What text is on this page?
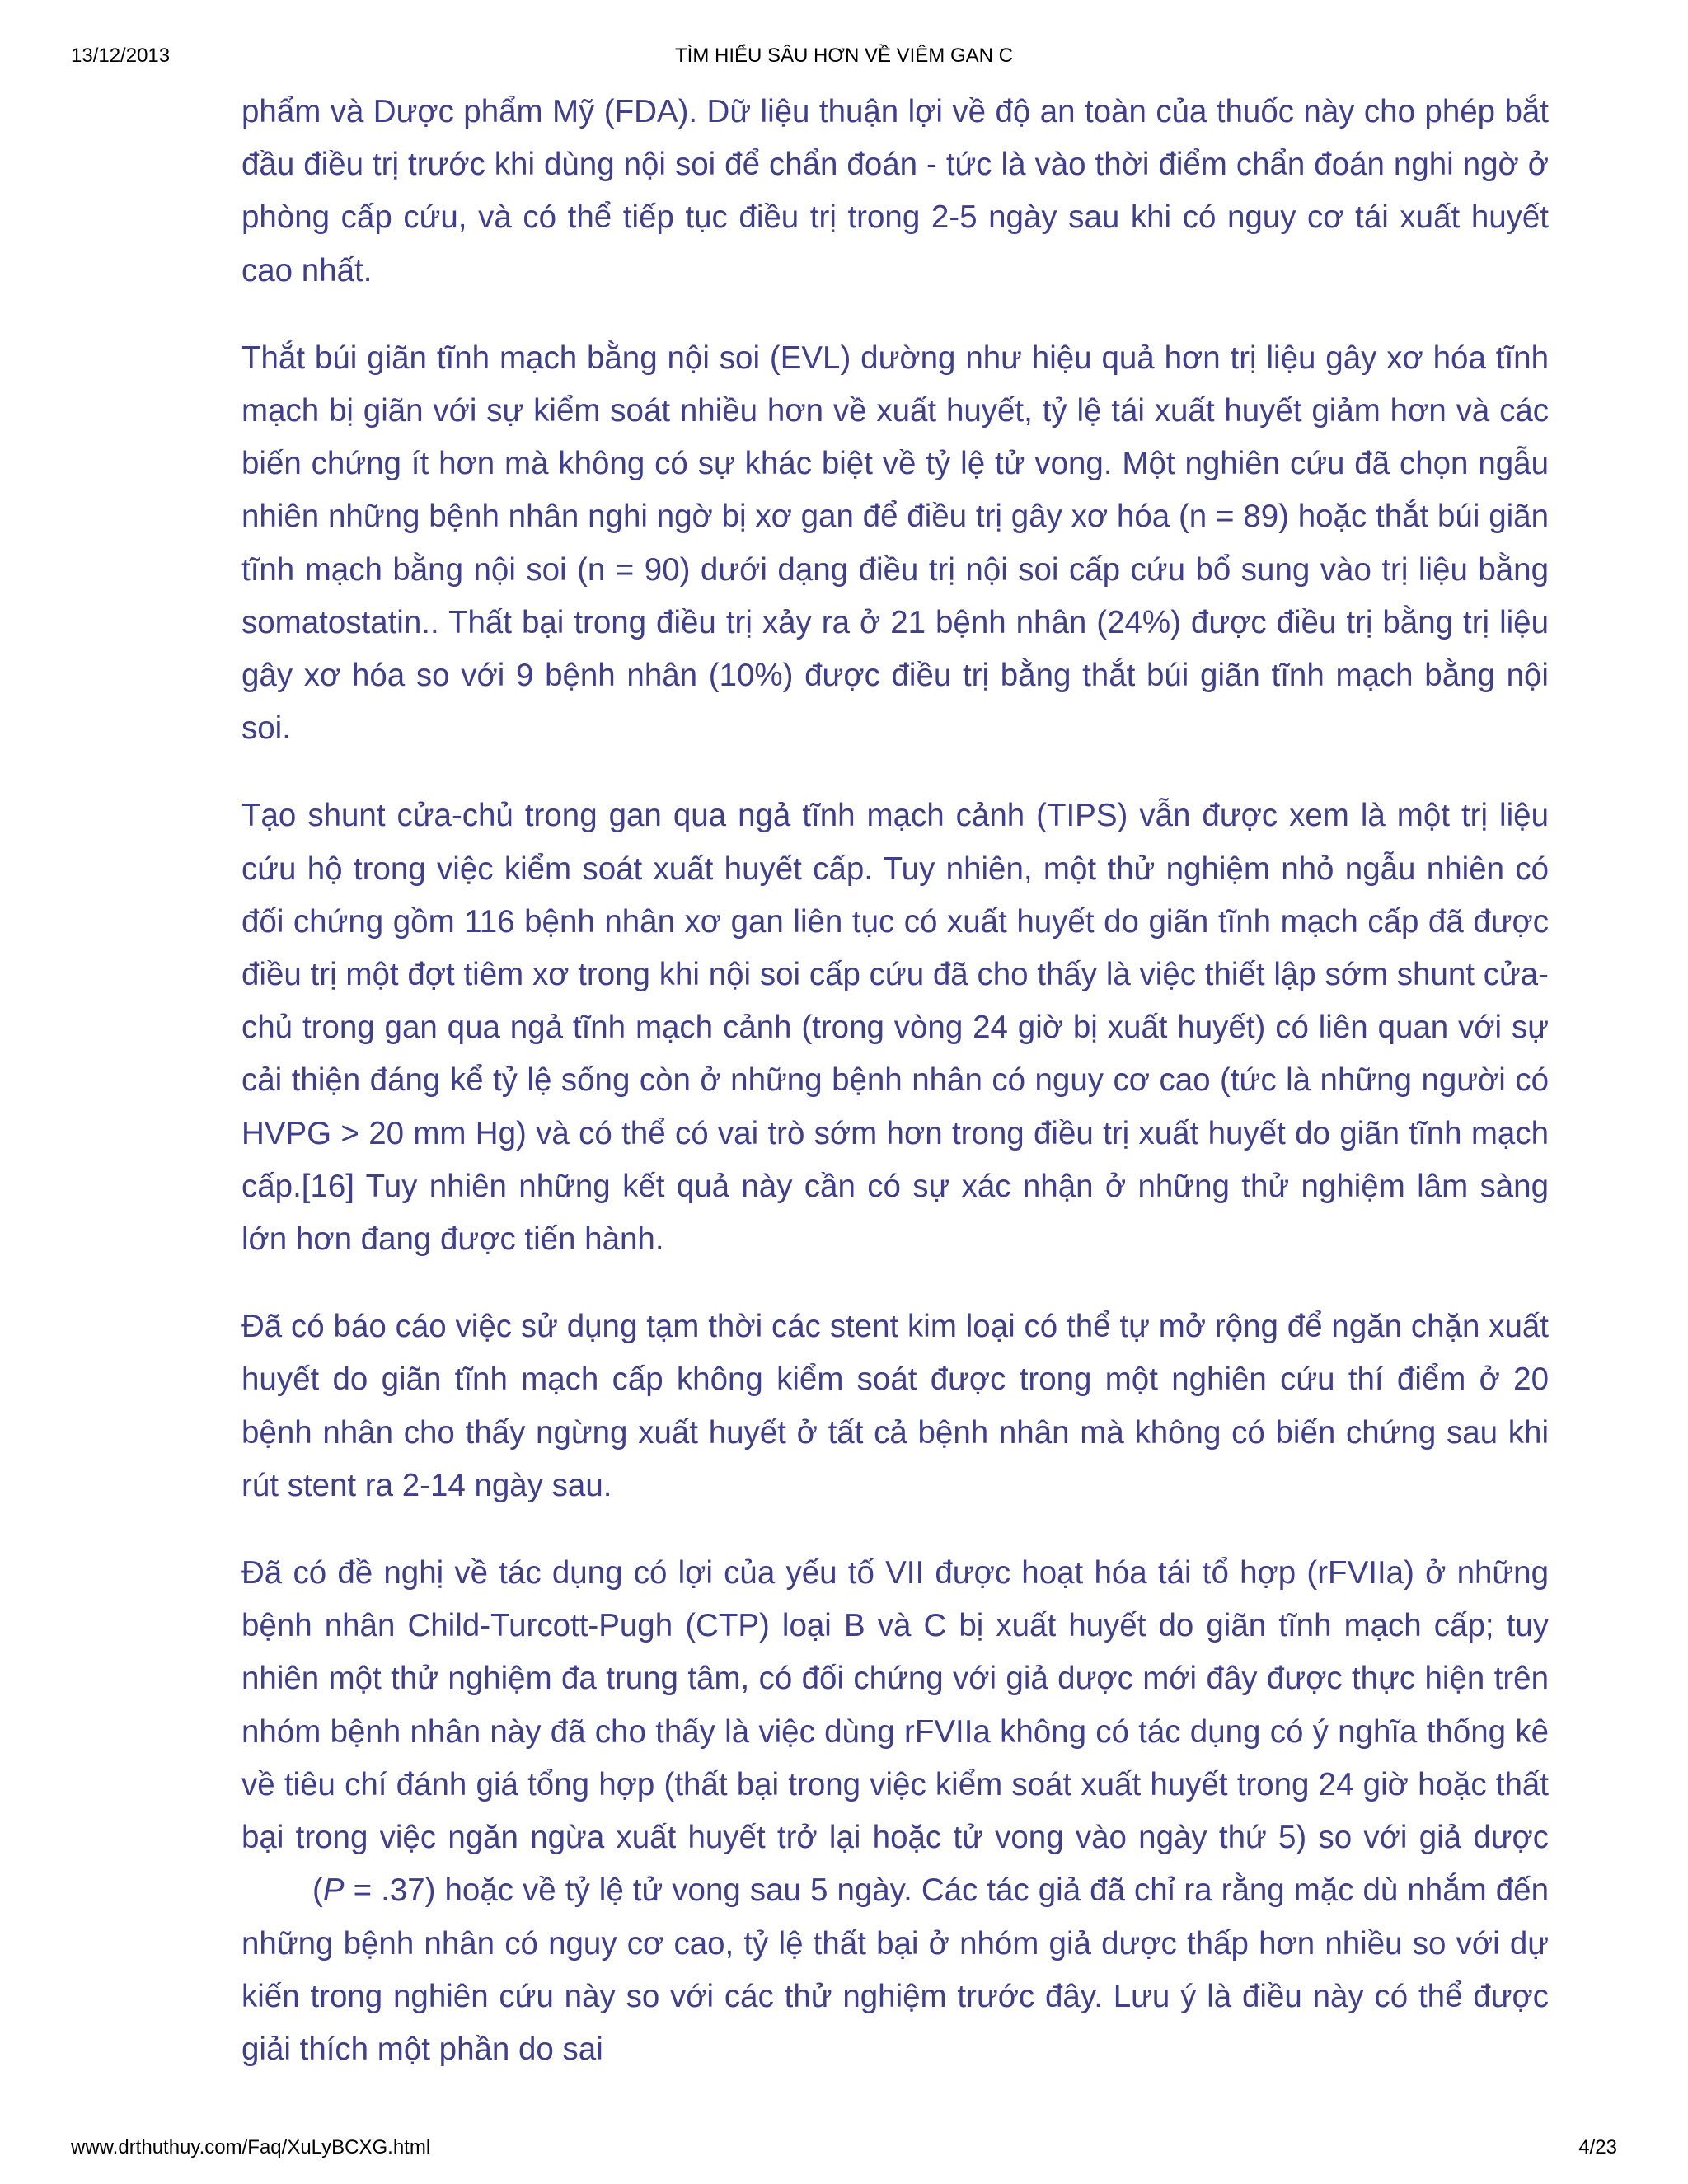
13/12/2013	TÌM HIỂU SÂU HƠN VỀ VIÊM GAN C

phẩm và Dược phẩm Mỹ (FDA). Dữ liệu thuận lợi về độ an toàn của thuốc này cho phép bắt đầu điều trị trước khi dùng nội soi để chẩn đoán - tức là vào thời điểm chẩn đoán nghi ngờ ở phòng cấp cứu, và có thể tiếp tục điều trị trong 2-5 ngày sau khi có nguy cơ tái xuất huyết cao nhất.

Thắt búi giãn tĩnh mạch bằng nội soi (EVL) dường như hiệu quả hơn trị liệu gây xơ hóa tĩnh mạch bị giãn với sự kiểm soát nhiều hơn về xuất huyết, tỷ lệ tái xuất huyết giảm hơn và các biến chứng ít hơn mà không có sự khác biệt về tỷ lệ tử vong. Một nghiên cứu đã chọn ngẫu nhiên những bệnh nhân nghi ngờ bị xơ gan để điều trị gây xơ hóa (n = 89) hoặc thắt búi giãn tĩnh mạch bằng nội soi (n = 90) dưới dạng điều trị nội soi cấp cứu bổ sung vào trị liệu bằng somatostatin.. Thất bại trong điều trị xảy ra ở 21 bệnh nhân (24%) được điều trị bằng trị liệu gây xơ hóa so với 9 bệnh nhân (10%) được điều trị bằng thắt búi giãn tĩnh mạch bằng nội soi.

Tạo shunt cửa-chủ trong gan qua ngả tĩnh mạch cảnh (TIPS) vẫn được xem là một trị liệu cứu hộ trong việc kiểm soát xuất huyết cấp. Tuy nhiên, một thử nghiệm nhỏ ngẫu nhiên có đối chứng gồm 116 bệnh nhân xơ gan liên tục có xuất huyết do giãn tĩnh mạch cấp đã được điều trị một đợt tiêm xơ trong khi nội soi cấp cứu đã cho thấy là việc thiết lập sớm shunt cửa-chủ trong gan qua ngả tĩnh mạch cảnh (trong vòng 24 giờ bị xuất huyết) có liên quan với sự cải thiện đáng kể tỷ lệ sống còn ở những bệnh nhân có nguy cơ cao (tức là những người có HVPG > 20 mm Hg) và có thể có vai trò sớm hơn trong điều trị xuất huyết do giãn tĩnh mạch cấp.[16] Tuy nhiên những kết quả này cần có sự xác nhận ở những thử nghiệm lâm sàng lớn hơn đang được tiến hành.

Đã có báo cáo việc sử dụng tạm thời các stent kim loại có thể tự mở rộng để ngăn chặn xuất huyết do giãn tĩnh mạch cấp không kiểm soát được trong một nghiên cứu thí điểm ở 20 bệnh nhân cho thấy ngừng xuất huyết ở tất cả bệnh nhân mà không có biến chứng sau khi rút stent ra 2-14 ngày sau.

Đã có đề nghị về tác dụng có lợi của yếu tố VII được hoạt hóa tái tổ hợp (rFVIIa) ở những bệnh nhân Child-Turcott-Pugh (CTP) loại B và C bị xuất huyết do giãn tĩnh mạch cấp; tuy nhiên một thử nghiệm đa trung tâm, có đối chứng với giả dược mới đây được thực hiện trên nhóm bệnh nhân này đã cho thấy là việc dùng rFVIIa không có tác dụng có ý nghĩa thống kê về tiêu chí đánh giá tổng hợp (thất bại trong việc kiểm soát xuất huyết trong 24 giờ hoặc thất bại trong việc ngăn ngừa xuất huyết trở lại hoặc tử vong vào ngày thứ 5) so với giả dược(P = .37) hoặc về tỷ lệ tử vong sau 5 ngày. Các tác giả đã chỉ ra rằng mặc dù nhắm đến những bệnh nhân có nguy cơ cao, tỷ lệ thất bại ở nhóm giả dược thấp hơn nhiều so với dự kiến trong nghiên cứu này so với các thử nghiệm trước đây. Lưu ý là điều này có thể được giải thích một phần do sai

www.drthuthuy.com/Faq/XuLyBCXG.html	4/23
